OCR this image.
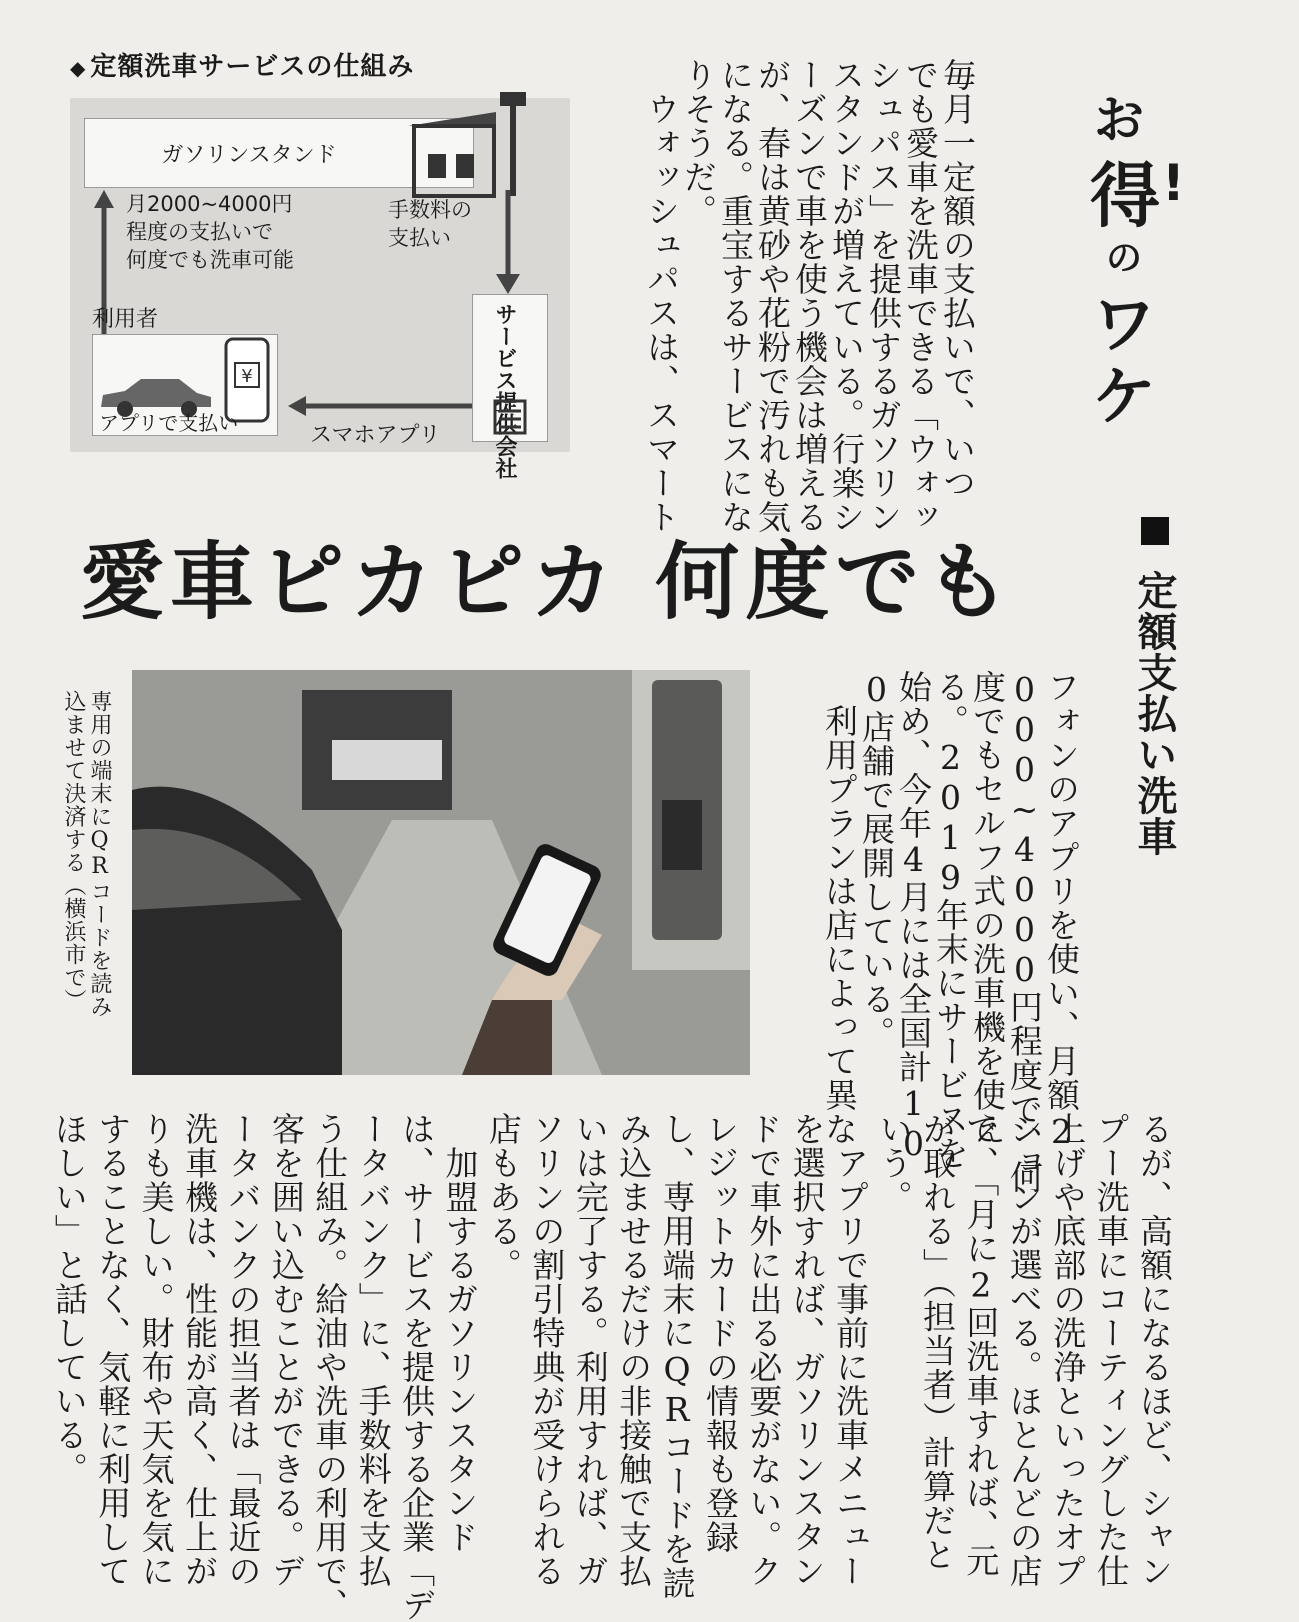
◆ 定額洗車サービスの仕組み
ガソリンスタンド
月2000~4000円
程度の支払いで
何度でも洗車可能
手数料の
支払い
サービス提供会社
スマホアプリ
利用者
¥
アプリで支払い	毎月一定額の支払いで、いつ
でも愛車を洗車できる「ウォッ
シュパス」を提供するガソリン
スタンドが増えている。行楽シ
ーズンで車を使う機会は増える
が、春は黄砂や花粉で汚れも気
になる。重宝するサービスにな
りそうだ。
　ウォッシュパスは、スマート	お
得 !
の
ワ
ケ
愛車ピカピカ 何度でも	定額支払い洗車
専用の端末にQRコードを読み
込ませて決済する（横浜市で）	フォンのアプリを使い、月額2
000~4000円程度で、何
度でもセルフ式の洗車機を使え
る。2019年末にサービスを
始め、今年4月には全国計10
0店舗で展開している。
　利用プランは店によって異な
るが、高額になるほど、シャン
プー洗車にコーティングした仕
上げや底部の洗浄といったオプ
ションが選べる。ほとんどの店
で、「月に2回洗車すれば、元
が取れる」（担当者）計算だと
いう。
　アプリで事前に洗車メニュー
を選択すれば、ガソリンスタン
ドで車外に出る必要がない。ク
レジットカードの情報も登録
し、専用端末にQRコードを読
み込ませるだけの非接触で支払
いは完了する。利用すれば、ガ
ソリンの割引特典が受けられる
店もある。
　加盟するガソリンスタンド
は、サービスを提供する企業「デ
ータバンク」に、手数料を支払
う仕組み。給油や洗車の利用で、
客を囲い込むことができる。デ
ータバンクの担当者は「最近の
洗車機は、性能が高く、仕上が
りも美しい。財布や天気を気に
することなく、気軽に利用して
ほしい」と話している。
